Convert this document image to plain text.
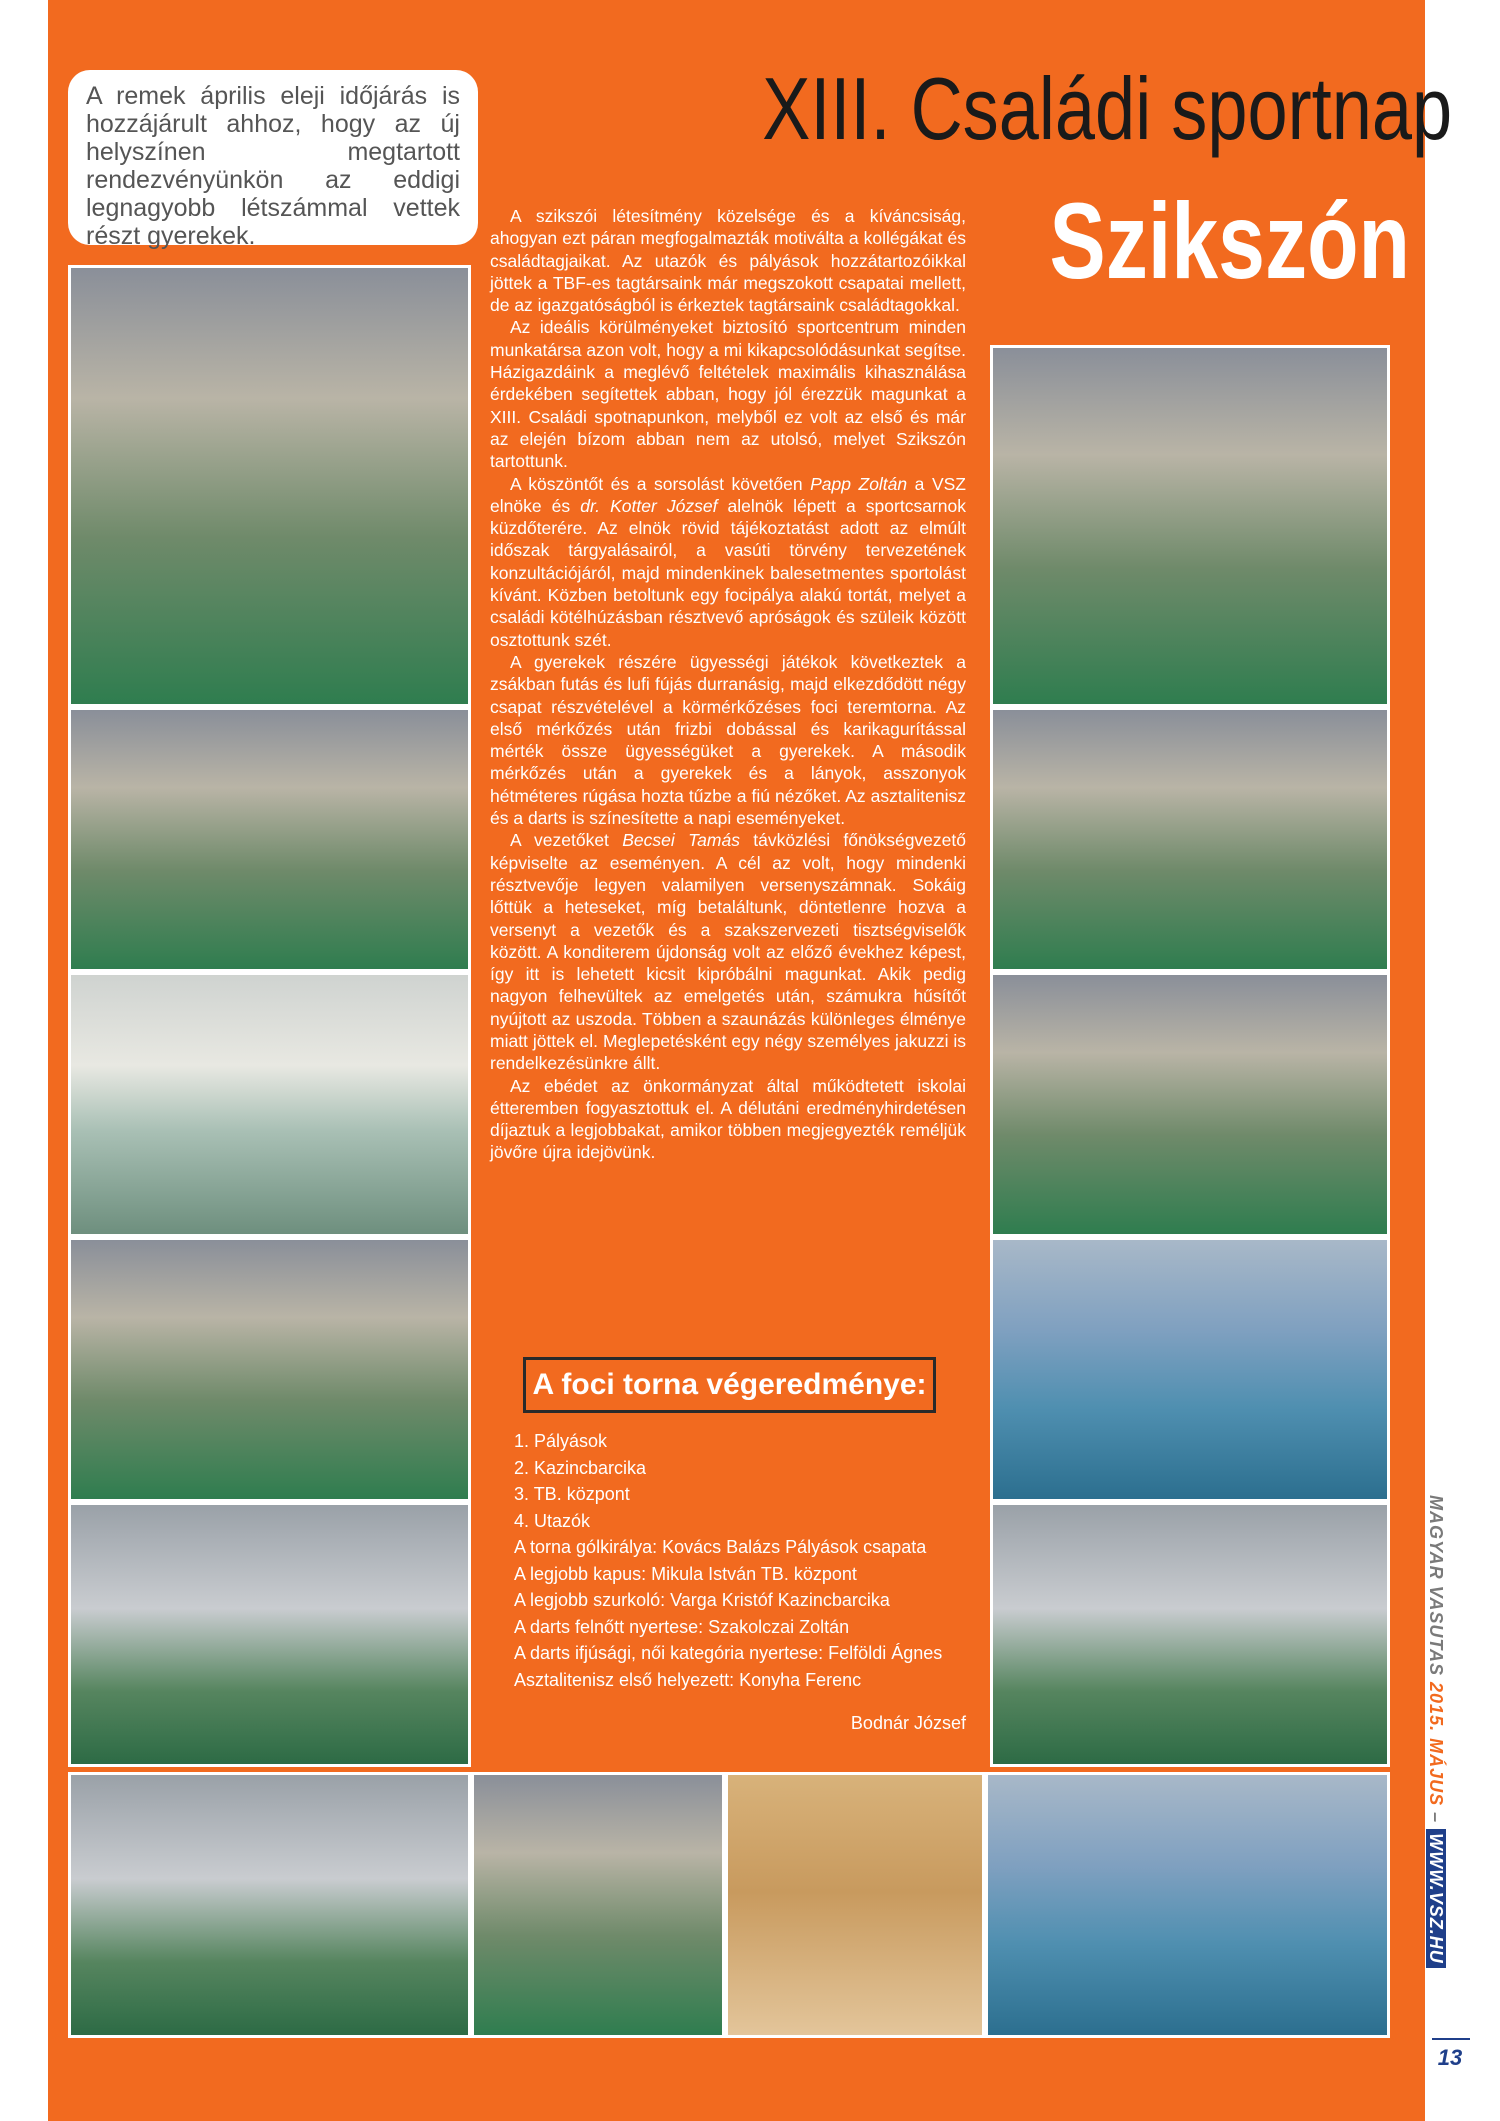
A remek április eleji időjárás is hozzájárult ahhoz, hogy az új helyszínen megtartott rendezvényünkön az eddigi legnagyobb létszámmal vettek részt gyerekek.
XIII. Családi sportnap
Szikszón

A szikszói létesítmény közelsége és a kíváncsiság, ahogyan ezt páran megfogalmazták motiválta a kollégákat és családtagjaikat. Az utazók és pályások hozzátartozóikkal jöttek a TBF-es tagtársaink már megszokott csapatai mellett, de az igazgatóságból is érkeztek tagtársaink családtagokkal.

Az ideális körülményeket biztosító sportcentrum minden munkatársa azon volt, hogy a mi kikapcsolódásunkat segítse. Házigazdáink a meglévő feltételek maximális kihasználása érdekében segítettek abban, hogy jól érezzük magunkat a XIII. Családi spotnapunkon, melyből ez volt az első és már az elején bízom abban nem az utolsó, melyet Szikszón tartottunk.

A köszöntőt és a sorsolást követően Papp Zoltán a VSZ elnöke és dr. Kotter József alelnök lépett a sportcsarnok küzdőterére. Az elnök rövid tájékoztatást adott az elmúlt időszak tárgyalásairól, a vasúti törvény tervezetének konzultációjáról, majd mindenkinek balesetmentes sportolást kívánt. Közben betoltunk egy focipálya alakú tortát, melyet a családi kötélhúzásban résztvevő apróságok és szüleik között osztottunk szét.

A gyerekek részére ügyességi játékok következtek a zsákban futás és lufi fújás durranásig, majd elkezdődött négy csapat részvételével a körmérkőzéses foci teremtorna. Az első mérkőzés után frizbi dobással és karikagurítással mérték össze ügyességüket a gyerekek. A második mérkőzés után a gyerekek és a lányok, asszonyok hétméteres rúgása hozta tűzbe a fiú nézőket. Az asztalitenisz és a darts is színesítette a napi eseményeket.

A vezetőket Becsei Tamás távközlési főnökségvezető képviselte az eseményen. A cél az volt, hogy mindenki résztvevője legyen valamilyen versenyszámnak. Sokáig lőttük a heteseket, míg betaláltunk, döntetlenre hozva a versenyt a vezetők és a szakszervezeti tisztségviselők között. A konditerem újdonság volt az előző évekhez képest, így itt is lehetett kicsit kipróbálni magunkat. Akik pedig nagyon felhevültek az emelgetés után, számukra hűsítőt nyújtott az uszoda. Többen a szaunázás különleges élménye miatt jöttek el. Meglepetésként egy négy személyes jakuzzi is rendelkezésünkre állt.

Az ebédet az önkormányzat által működtetett iskolai étteremben fogyasztottuk el. A délutáni eredményhirdetésen díjaztuk a legjobbakat, amikor többen megjegyezték reméljük jövőre újra idejövünk.

A foci torna végeredménye:
1. Pályások
2. Kazincbarcika
3. TB. központ
4. Utazók
A torna gólkirálya: Kovács Balázs Pályások csapata
A legjobb kapus: Mikula István TB. központ
A legjobb szurkoló: Varga Kristóf Kazincbarcika
A darts felnőtt nyertese: Szakolczai Zoltán
A darts ifjúsági, női kategória nyertese: Felföldi Ágnes
Asztalitenisz első helyezett: Konyha Ferenc
Bodnár József
MAGYAR VASUTAS 2015. MÁJUS – WWW.VSZ.HU
13
